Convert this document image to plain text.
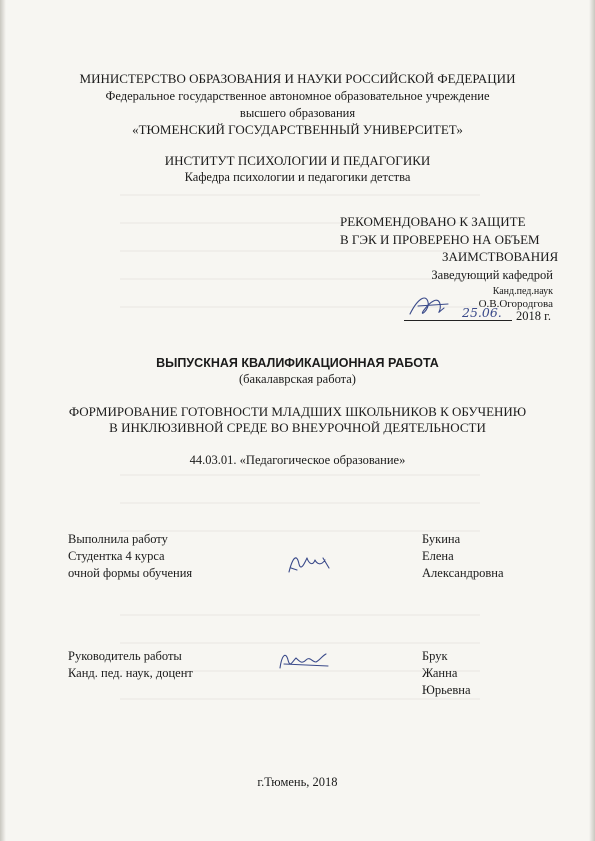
МИНИСТЕРСТВО ОБРАЗОВАНИЯ И НАУКИ РОССИЙСКОЙ ФЕДЕРАЦИИ
Федеральное государственное автономное образовательное учреждение
высшего образования
«ТЮМЕНСКИЙ ГОСУДАРСТВЕННЫЙ УНИВЕРСИТЕТ»
ИНСТИТУТ ПСИХОЛОГИИ И ПЕДАГОГИКИ
Кафедра психологии и педагогики детства
РЕКОМЕНДОВАНО К ЗАЩИТЕ
В ГЭК И ПРОВЕРЕНО НА ОБЪЕМ
ЗАИМСТВОВАНИЯ
Заведующий кафедрой
Канд.пед.наук
О.В.Огородгова
25.06. 2018 г.
ВЫПУСКНАЯ КВАЛИФИКАЦИОННАЯ РАБОТА
(бакалаврская работа)
ФОРМИРОВАНИЕ ГОТОВНОСТИ МЛАДШИХ ШКОЛЬНИКОВ К ОБУЧЕНИЮ
В ИНКЛЮЗИВНОЙ СРЕДЕ ВО ВНЕУРОЧНОЙ ДЕЯТЕЛЬНОСТИ
44.03.01. «Педагогическое образование»
Выполнила работу
Студентка 4 курса
очной формы обучения
Букина
Елена
Александровна
Руководитель работы
Канд. пед. наук, доцент
Брук
Жанна
Юрьевна
г.Тюмень, 2018
